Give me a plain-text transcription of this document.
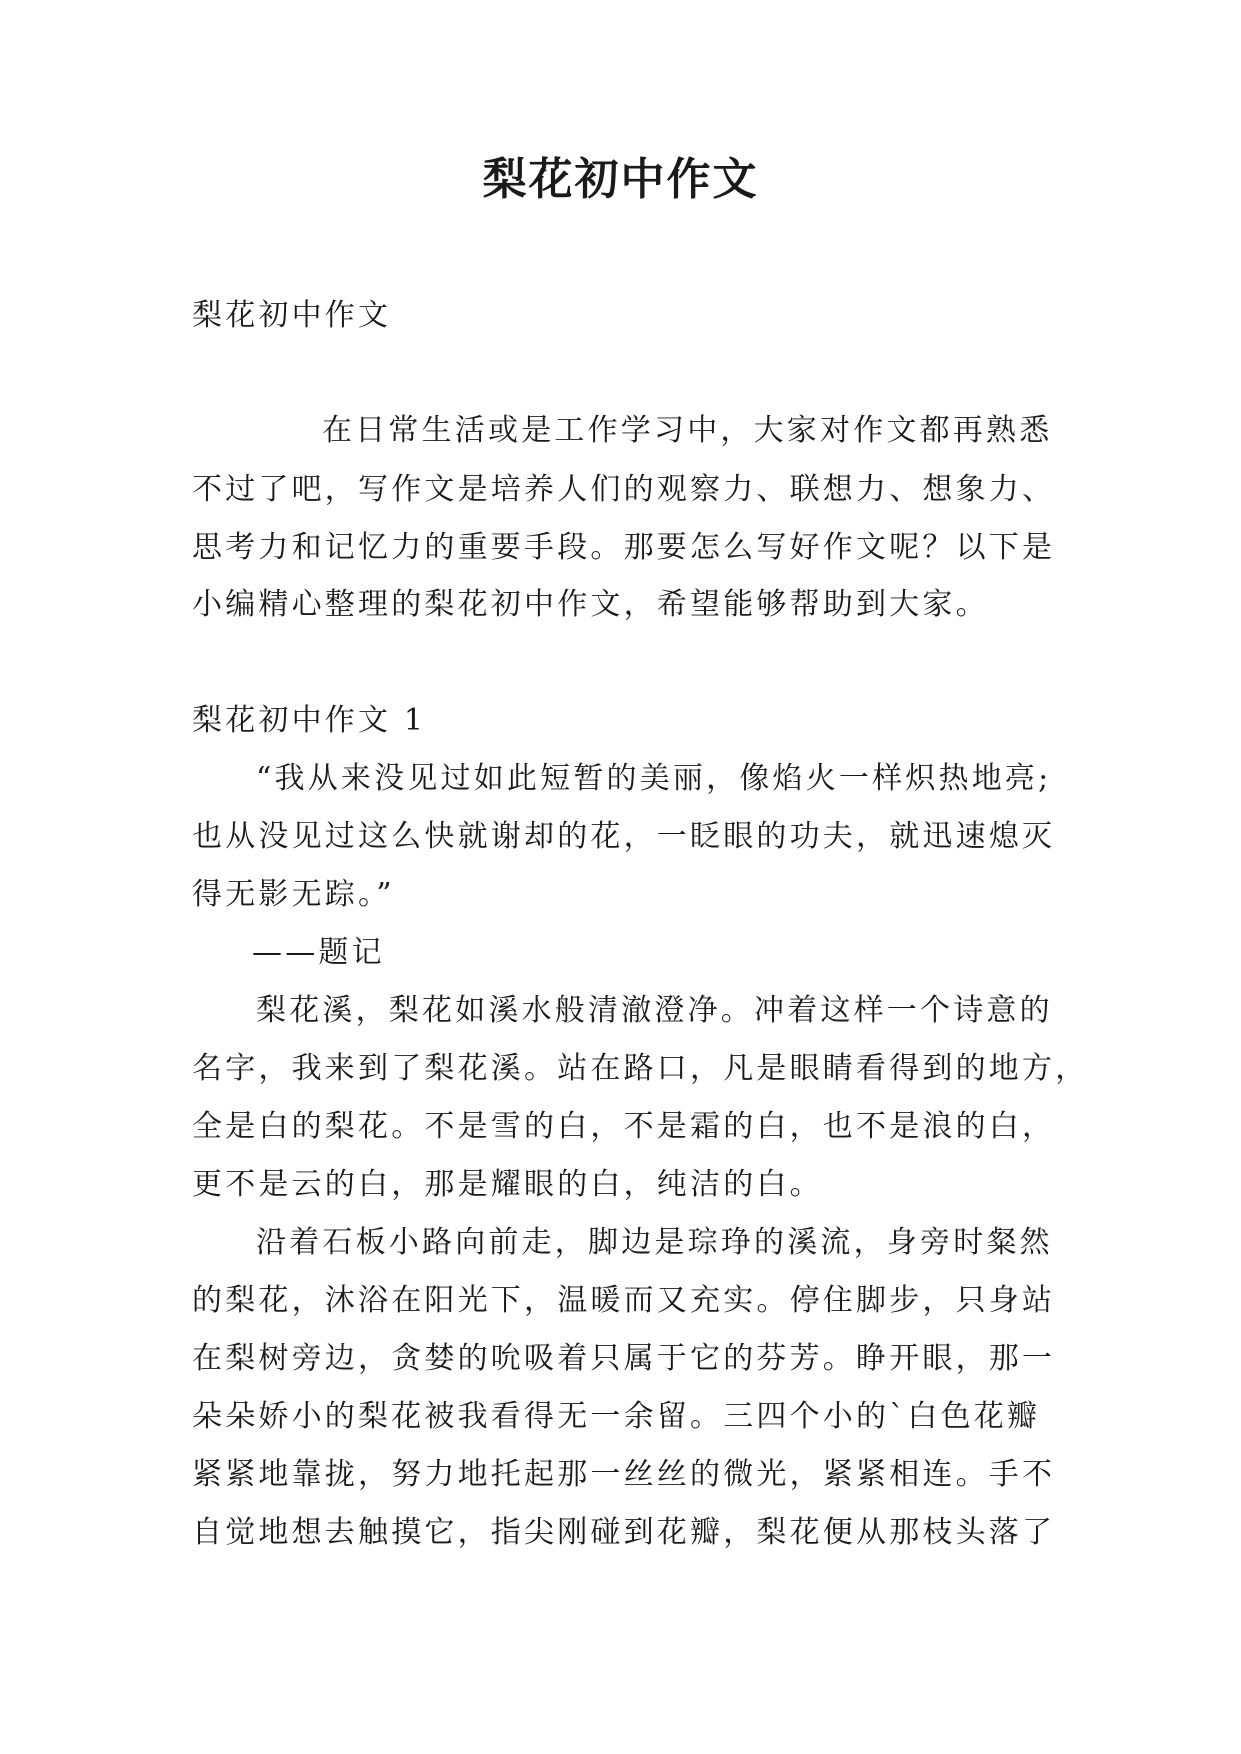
梨花初中作文

梨花初中作文

在日常生活或是工作学习中，大家对作文都再熟悉

不过了吧，写作文是培养人们的观察力、联想力、想象力、

思考力和记忆力的重要手段。那要怎么写好作文呢？以下是

小编精心整理的梨花初中作文，希望能够帮助到大家。

梨花初中作文 1

“我从来没见过如此短暂的美丽，像焰火一样炽热地亮;

也从没见过这么快就谢却的花，一眨眼的功夫，就迅速熄灭

得无影无踪。”

——题记

梨花溪，梨花如溪水般清澈澄净。冲着这样一个诗意的

名字，我来到了梨花溪。站在路口，凡是眼睛看得到的地方，

全是白的梨花。不是雪的白，不是霜的白，也不是浪的白，

更不是云的白，那是耀眼的白，纯洁的白。

沿着石板小路向前走，脚边是琮琤的溪流，身旁时粲然

的梨花，沐浴在阳光下，温暖而又充实。停住脚步，只身站

在梨树旁边，贪婪的吮吸着只属于它的芬芳。睁开眼，那一

朵朵娇小的梨花被我看得无一余留。三四个小的`白色花瓣

紧紧地靠拢，努力地托起那一丝丝的微光，紧紧相连。手不

自觉地想去触摸它，指尖刚碰到花瓣，梨花便从那枝头落了
